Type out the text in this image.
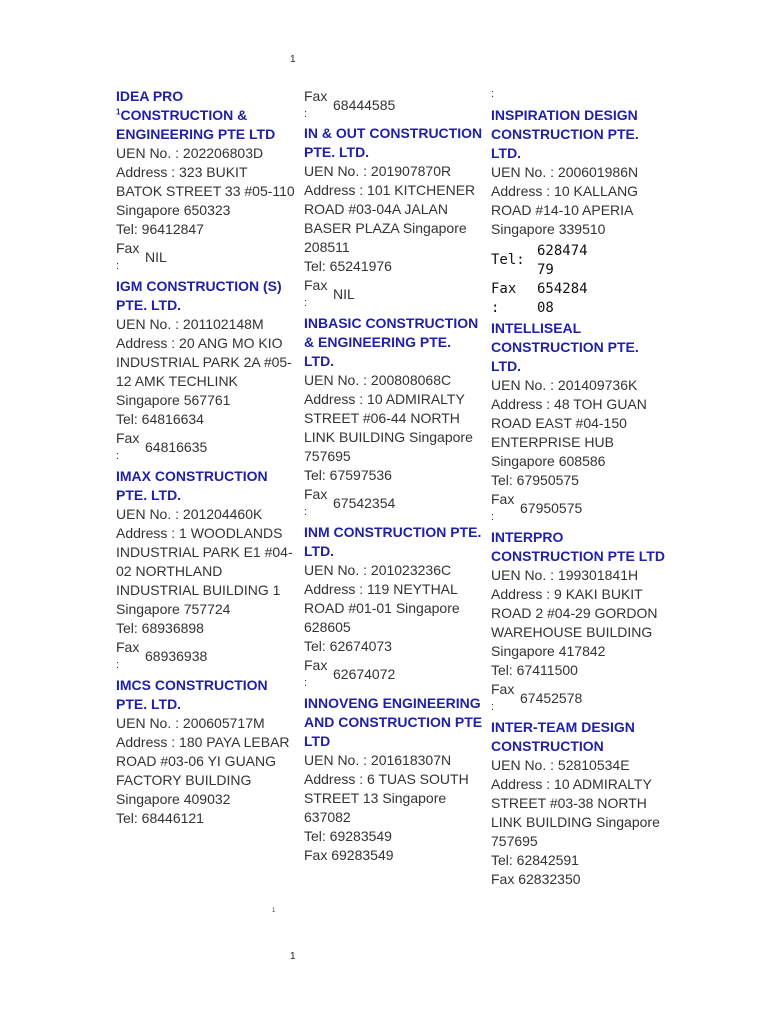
1
IDEA PRO
$^1$CONSTRUCTION & ENGINEERING PTE LTD
UEN No. : 202206803D
Address : 323 BUKIT BATOK STREET 33 #05-110 Singapore 650323
Tel: 96412847
Fax
:
NIL
IGM CONSTRUCTION (S) PTE. LTD.
UEN No. : 201102148M
Address : 20 ANG MO KIO INDUSTRIAL PARK 2A #05-12 AMK TECHLINK Singapore 567761
Tel: 64816634
Fax
:
64816635
IMAX CONSTRUCTION PTE. LTD.
UEN No. : 201204460K
Address : 1 WOODLANDS INDUSTRIAL PARK E1 #04-02 NORTHLAND INDUSTRIAL BUILDING 1 Singapore 757724
Tel: 68936898
Fax
:
68936938
IMCS CONSTRUCTION PTE. LTD.
UEN No. : 200605717M
Address : 180 PAYA LEBAR ROAD #03-06 YI GUANG FACTORY BUILDING Singapore 409032
Tel: 68446121
Fax
:
68444585
IN & OUT CONSTRUCTION PTE. LTD.
UEN No. : 201907870R
Address : 101 KITCHENER ROAD #03-04A JALAN BASER PLAZA Singapore 208511
Tel: 65241976
Fax
:
NIL
INBASIC CONSTRUCTION & ENGINEERING PTE. LTD.
UEN No. : 200808068C
Address : 10 ADMIRALTY STREET #06-44 NORTH LINK BUILDING Singapore 757695
Tel: 67597536
Fax
:
67542354
INM CONSTRUCTION PTE. LTD.
UEN No. : 201023236C
Address : 119 NEYTHAL ROAD #01-01 Singapore 628605
Tel: 62674073
Fax
:
62674072
INNOVENG ENGINEERING AND CONSTRUCTION PTE LTD
UEN No. : 201618307N
Address : 6 TUAS SOUTH STREET 13 Singapore 637082
Tel: 69283549
Fax 69283549
:
INSPIRATION DESIGN CONSTRUCTION PTE. LTD.
UEN No. : 200601986N
Address : 10 KALLANG ROAD #14-10 APERIA Singapore 339510
628474
Tel:
79
Fax 654284
:	08
INTELLISEAL CONSTRUCTION PTE. LTD.
UEN No. : 201409736K
Address : 48 TOH GUAN ROAD EAST #04-150 ENTERPRISE HUB Singapore 608586
Tel: 67950575
Fax
:
67950575
INTERPRO CONSTRUCTION PTE LTD
UEN No. : 199301841H
Address : 9 KAKI BUKIT ROAD 2 #04-29 GORDON WAREHOUSE BUILDING Singapore 417842
Tel: 67411500
Fax
:
67452578
INTER-TEAM DESIGN CONSTRUCTION
UEN No. : 52810534E
Address : 10 ADMIRALTY STREET #03-38 NORTH LINK BUILDING Singapore 757695
Tel: 62842591
Fax 62832350
1
1
